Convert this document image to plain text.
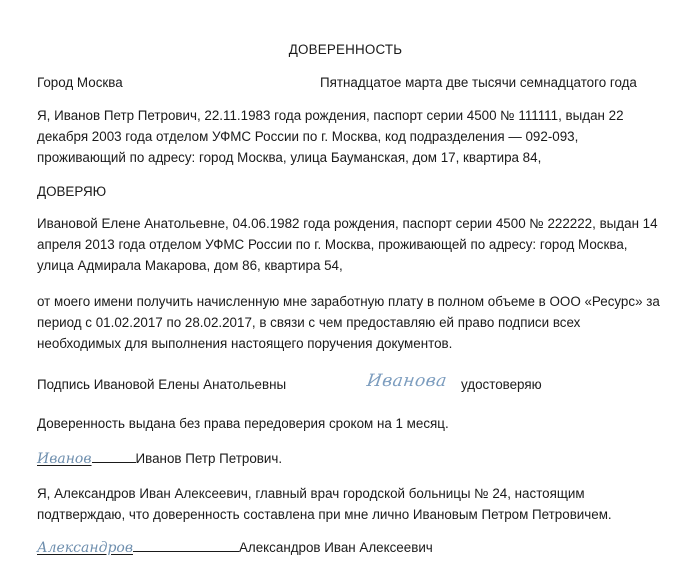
ДОВЕРЕННОСТЬ
Город Москва	Пятнадцатое марта две тысячи семнадцатого года
Я, Иванов Петр Петрович, 22.11.1983 года рождения, паспорт серии 4500 № 111111, выдан 22
декабря 2003 года отделом УФМС России по г. Москва, код подразделения — 092-093,
проживающий по адресу: город Москва, улица Бауманская, дом 17, квартира 84,
ДОВЕРЯЮ
Ивановой Елене Анатольевне, 04.06.1982 года рождения, паспорт серии 4500 № 222222, выдан 14
апреля 2013 года отделом УФМС России по г. Москва, проживающей по адресу: город Москва,
улица Адмирала Макарова, дом 86, квартира 54,
от моего имени получить начисленную мне заработную плату в полном объеме в ООО «Ресурс» за
период с 01.02.2017 по 28.02.2017, в связи с чем предоставляю ей право подписи всех
необходимых для выполнения настоящего поручения документов.
Подпись Ивановой Елены Анатольевны	Иванова удостоверяю
Доверенность выдана без права передоверия сроком на 1 месяц.
Иванов	Иванов Петр Петрович.
Я, Александров Иван Алексеевич, главный врач городской больницы № 24, настоящим
подтверждаю, что доверенность составлена при мне лично Ивановым Петром Петровичем.
Александров	Александров Иван Алексеевич
